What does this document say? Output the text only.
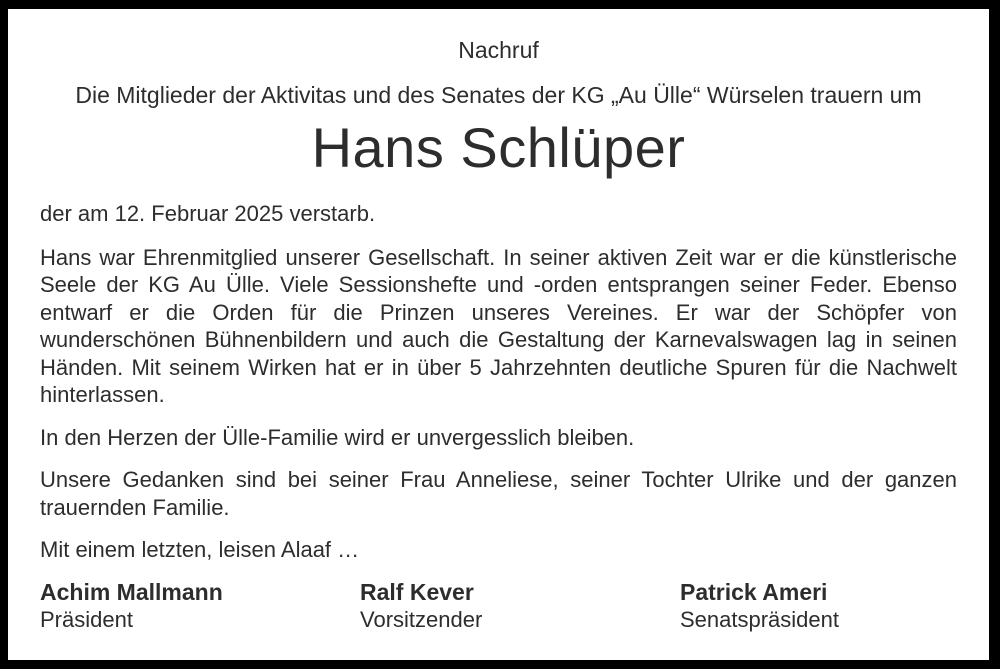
Nachruf
Die Mitglieder der Aktivitas und des Senates der KG „Au Ülle“ Würselen trauern um
Hans Schlüper

der am 12. Februar 2025 verstarb.

Hans war Ehrenmitglied unserer Gesellschaft. In seiner aktiven Zeit war er die künstlerische Seele der KG Au Ülle. Viele Sessionshefte und -orden entsprangen seiner Feder. Ebenso entwarf er die Orden für die Prinzen unseres Vereines. Er war der Schöpfer von wunderschönen Bühnenbildern und auch die Gestaltung der Karnevalswagen lag in seinen Händen. Mit seinem Wirken hat er in über 5 Jahrzehnten deutliche Spuren für die Nachwelt hinterlassen.

In den Herzen der Ülle-Familie wird er unvergesslich bleiben.

Unsere Gedanken sind bei seiner Frau Anneliese, seiner Tochter Ulrike und der ganzen trauernden Familie.

Mit einem letzten, leisen Alaaf …

Achim Mallmann

Präsident

Ralf Kever

Vorsitzender

Patrick Ameri

Senatspräsident
